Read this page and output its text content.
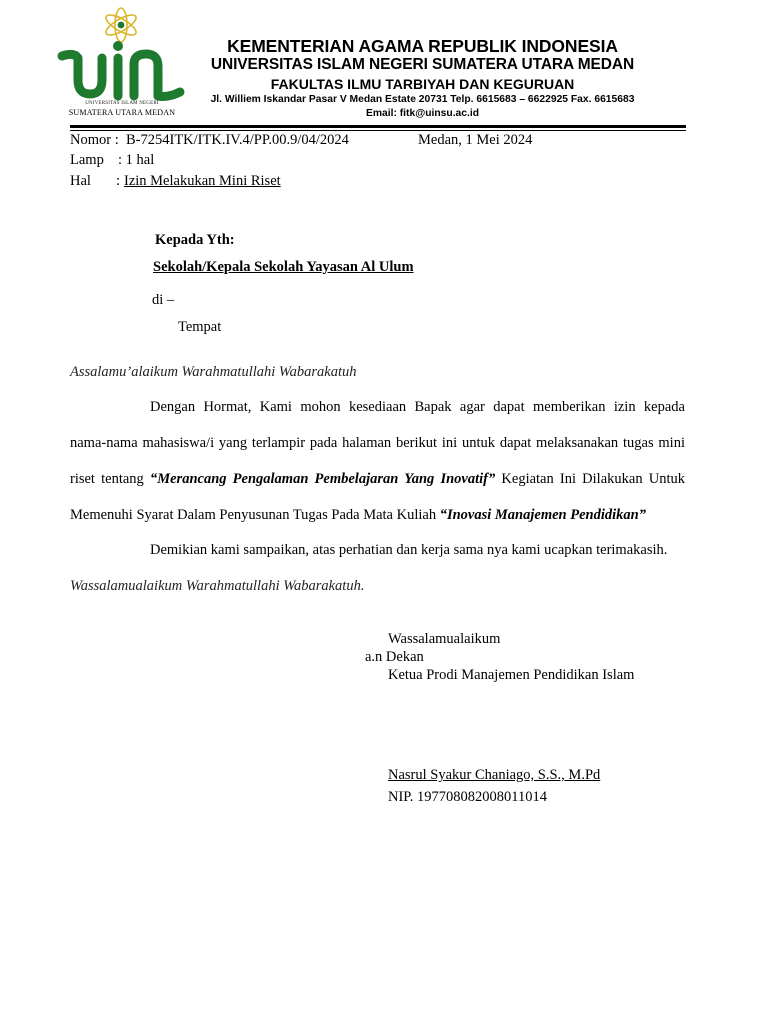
UNIVERSITAS ISLAM NEGERI
SUMATERA UTARA MEDAN
KEMENTERIAN AGAMA REPUBLIK INDONESIA
UNIVERSITAS ISLAM NEGERI SUMATERA UTARA MEDAN
FAKULTAS ILMU TARBIYAH DAN KEGURUAN
Jl. Williem Iskandar Pasar V Medan Estate 20731 Telp. 6615683 – 6622925 Fax. 6615683
Email: fitk@uinsu.ac.id
Nomor : B-7254ITK/ITK.IV.4/PP.00.9/04/2024	Medan, 1 Mei 2024
Lamp : 1 hal
Hal : Izin Melakukan Mini Riset
Kepada Yth:
Sekolah/Kepala Sekolah Yayasan Al Ulum
di –
Tempat
Assalamu’alaikum Warahmatullahi Wabarakatuh
Dengan Hormat, Kami mohon kesediaan Bapak agar dapat memberikan izin kepada
nama-nama mahasiswa/i yang terlampir pada halaman berikut ini untuk dapat melaksanakan tugas mini
riset tentang “Merancang Pengalaman Pembelajaran Yang Inovatif” Kegiatan Ini Dilakukan Untuk
Memenuhi Syarat Dalam Penyusunan Tugas Pada Mata Kuliah “Inovasi Manajemen Pendidikan”
Demikian kami sampaikan, atas perhatian dan kerja sama nya kami ucapkan terimakasih.
Wassalamualaikum Warahmatullahi Wabarakatuh.
Wassalamualaikum
a.n Dekan
Ketua Prodi Manajemen Pendidikan Islam
Nasrul Syakur Chaniago, S.S., M.Pd
NIP. 197708082008011014
